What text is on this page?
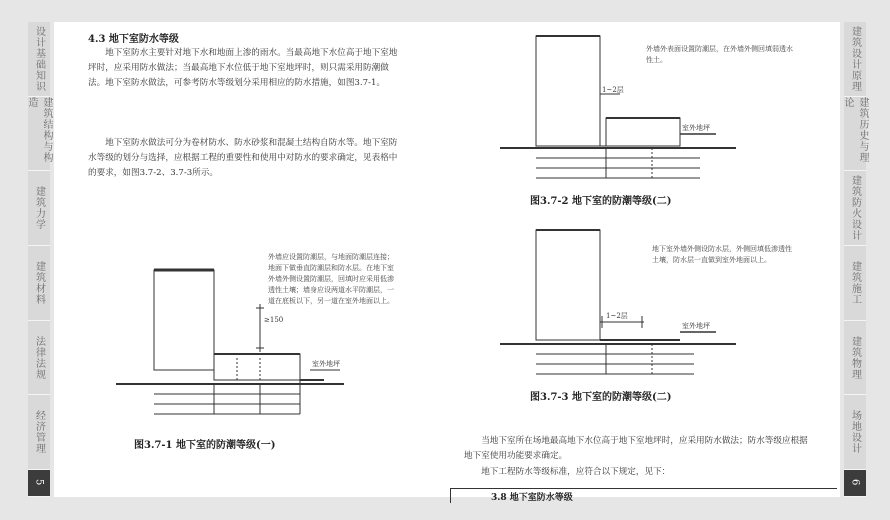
设计基础知识
建筑结构与构造
建筑力学
建筑材料
法律法规
经济管理
5
建筑设计原理
建筑历史与理论
建筑防火设计
建筑施工
建筑物理
场地设计
6
4.3 地下室防水等级

地下室防水主要针对地下水和地面上渗的雨水。当最高地下水位高于地下室地坪时，应采用防水做法；当最高地下水位低于地下室地坪时，则只需采用防潮做法。地下室防水做法，可参考防水等级划分采用相应的防水措施，如图3.7-1。

地下室防水做法可分为卷材防水、防水砂浆和混凝土结构自防水等。地下室防水等级的划分与选择，应根据工程的重要性和使用中对防水的要求确定，见表格中的要求，如图3.7-2、3.7-3所示。

外墙应设置防潮层，与地面防潮层连接；地面下做垂直防潮层和防水层。在地下室外墙外侧设置防潮层，回填时应采用低渗透性土壤；墙身应设两道水平防潮层，一道在底板以下，另一道在室外地面以上。
室外地坪
≥150
图3.7-1 地下室的防潮等级(一)
外墙外表面设置防潮层，在外墙外侧回填弱透水性土。
1~2层
室外地坪
1~2层
室外地坪
图3.7-2 地下室的防潮等级(二)
地下室外墙外侧设防水层，外侧回填低渗透性土壤，防水层一直做到室外地面以上。
图3.7-3 地下室的防潮等级(二)

当地下室所在场地最高地下水位高于地下室地坪时，应采用防水做法；防水等级应根据地下室使用功能要求确定。

地下工程防水等级标准，应符合以下规定，见下：

3.8 地下室防水等级
